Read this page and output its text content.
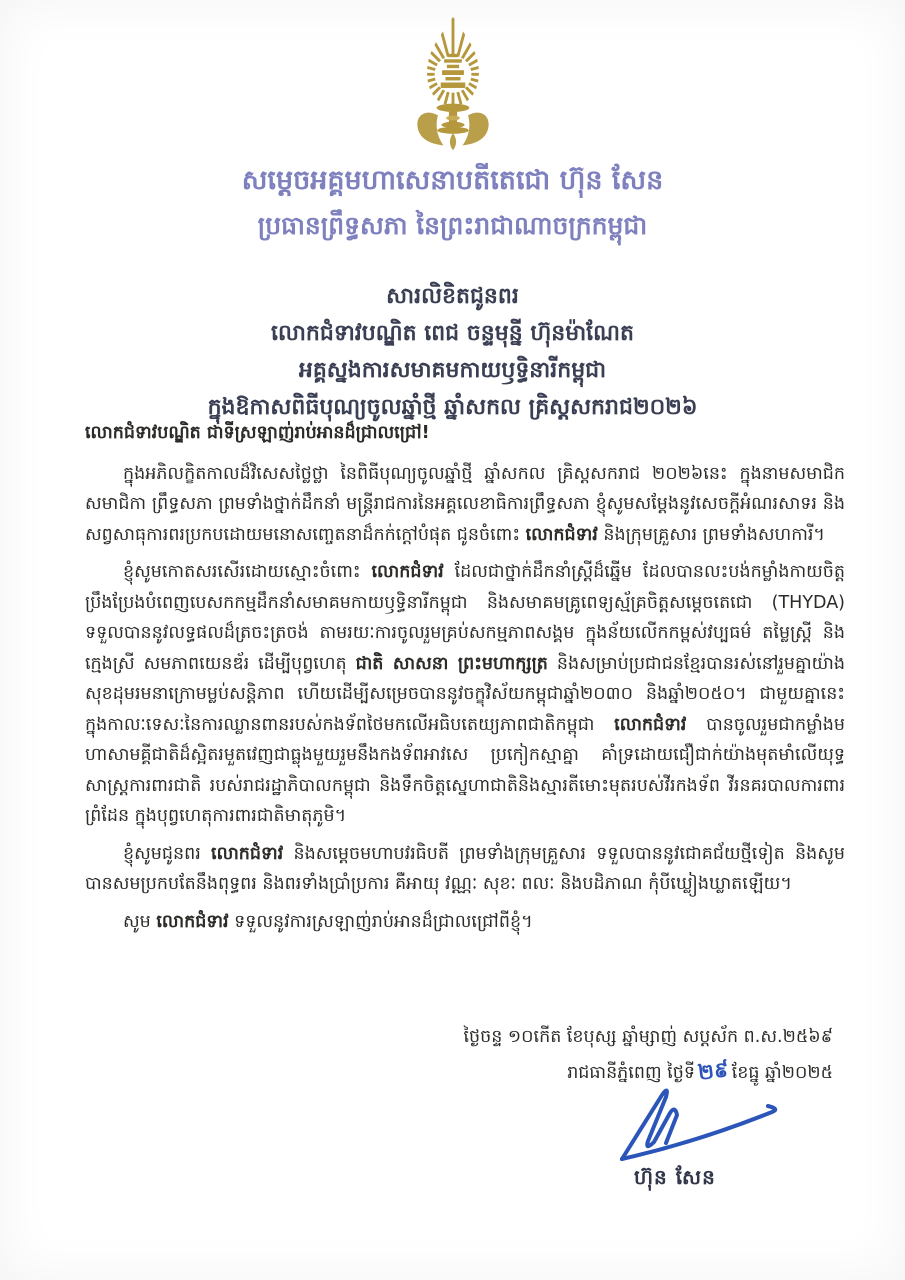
សម្តេចអគ្គមហាសេនាបតីតេជោ ហ៊ុន សែន
ប្រធានព្រឹទ្ធសភា នៃព្រះរាជាណាចក្រកម្ពុជា
សារលិខិតជូនពរ
លោកជំទាវបណ្ឌិត ពេជ ចន្ទមុន្នី ហ៊ុនម៉ាណែត
អគ្គស្នងការសមាគមកាយឫទ្ធិនារីកម្ពុជា
ក្នុងឱកាសពិធីបុណ្យចូលឆ្នាំថ្មី ឆ្នាំសកល គ្រិស្តសករាជ២០២៦
លោកជំទាវបណ្ឌិត ជាទីស្រឡាញ់រាប់អានដ៏ជ្រាលជ្រៅ!

ក្នុងអភិលក្ខិតកាលដ៏វិសេសថ្លៃថ្លា នៃពិធីបុណ្យចូលឆ្នាំថ្មី ឆ្នាំសកល គ្រិស្តសករាជ ២០២៦នេះ ក្នុងនាមសមាជិក សមាជិកា ព្រឹទ្ធសភា ព្រមទាំងថ្នាក់ដឹកនាំ មន្ត្រីរាជការនៃអគ្គលេខាធិការព្រឹទ្ធសភា ខ្ញុំសូមសម្តែងនូវសេចក្តីអំណរសាទរ និងសព្វសាធុការពរប្រកបដោយមនោសញ្ចេតនាដ៏កក់ក្តៅបំផុត ជូនចំពោះ លោកជំទាវ និងក្រុមគ្រួសារ ព្រមទាំងសហការី។

ខ្ញុំសូមកោតសរសើរដោយស្មោះចំពោះ លោកជំទាវ ដែលជាថ្នាក់ដឹកនាំស្ត្រីដ៏ឆ្នើម ដែលបានលះបង់កម្លាំងកាយចិត្ត ប្រឹងប្រែងបំពេញបេសកកម្មដឹកនាំសមាគមកាយឫទ្ធិនារីកម្ពុជា និងសមាគមគ្រូពេទ្យស្ម័គ្រចិត្តសម្តេចតេជោ (THYDA) ទទួលបាននូវលទ្ធផលដ៏ត្រចះត្រចង់ តាមរយៈការចូលរួមគ្រប់សកម្មភាពសង្គម ក្នុងន័យលើកកម្ពស់វប្បធម៌ តម្លៃស្ត្រី និងក្មេងស្រី សមភាពយេនឌ័រ ដើម្បីបុព្វហេតុ ជាតិ សាសនា ព្រះមហាក្សត្រ និងសម្រាប់ប្រជាជនខ្មែរបានរស់នៅរួមគ្នាយ៉ាងសុខដុមរមនាក្រោមម្លប់សន្តិភាព ហើយដើម្បីសម្រេចបាននូវចក្ខុវិស័យកម្ពុជាឆ្នាំ២០៣០ និងឆ្នាំ២០៥០។ ជាមួយគ្នានេះ ក្នុងកាលៈទេសៈនៃការឈ្លានពានរបស់កងទ័ពថៃមកលើអធិបតេយ្យភាពជាតិកម្ពុជា លោកជំទាវ បានចូលរួមជាកម្លាំងមហាសាមគ្គីជាតិដ៏ស្អិតរមួតវេញជាធ្លុងមួយរួមនឹងកងទ័ពអាវសេ ប្រកៀកស្មាគ្នា គាំទ្រដោយជឿជាក់យ៉ាងមុតមាំលើយុទ្ធសាស្ត្រការពារជាតិ របស់រាជរដ្ឋាភិបាលកម្ពុជា និងទឹកចិត្តស្នេហាជាតិនិងស្មារតីមោះមុតរបស់វីរកងទ័ព វីរនគរបាលការពារព្រំដែន ក្នុងបុព្វហេតុការពារជាតិមាតុភូមិ។

ខ្ញុំសូមជូនពរ លោកជំទាវ និងសម្តេចមហាបវរធិបតី ព្រមទាំងក្រុមគ្រួសារ ទទួលបាននូវជោគជ័យថ្មីទៀត និងសូមបានសមប្រកបតែនឹងពុទ្ធពរ និងពរទាំងប្រាំប្រការ គឺអាយុ វណ្ណៈ សុខៈ ពលៈ និងបដិភាណ កុំបីឃ្លៀងឃ្លាតឡើយ។

សូម លោកជំទាវ ទទួលនូវការស្រឡាញ់រាប់អានដ៏ជ្រាលជ្រៅពីខ្ញុំ។

ថ្ងៃចន្ទ ១០កើត ខែបុស្ស ឆ្នាំម្សាញ់ សប្តស័ក ព.ស.២៥៦៩
រាជធានីភ្នំពេញ ថ្ងៃទី២៩ខែធ្នូ ឆ្នាំ២០២៥
ហ៊ុន សែន
